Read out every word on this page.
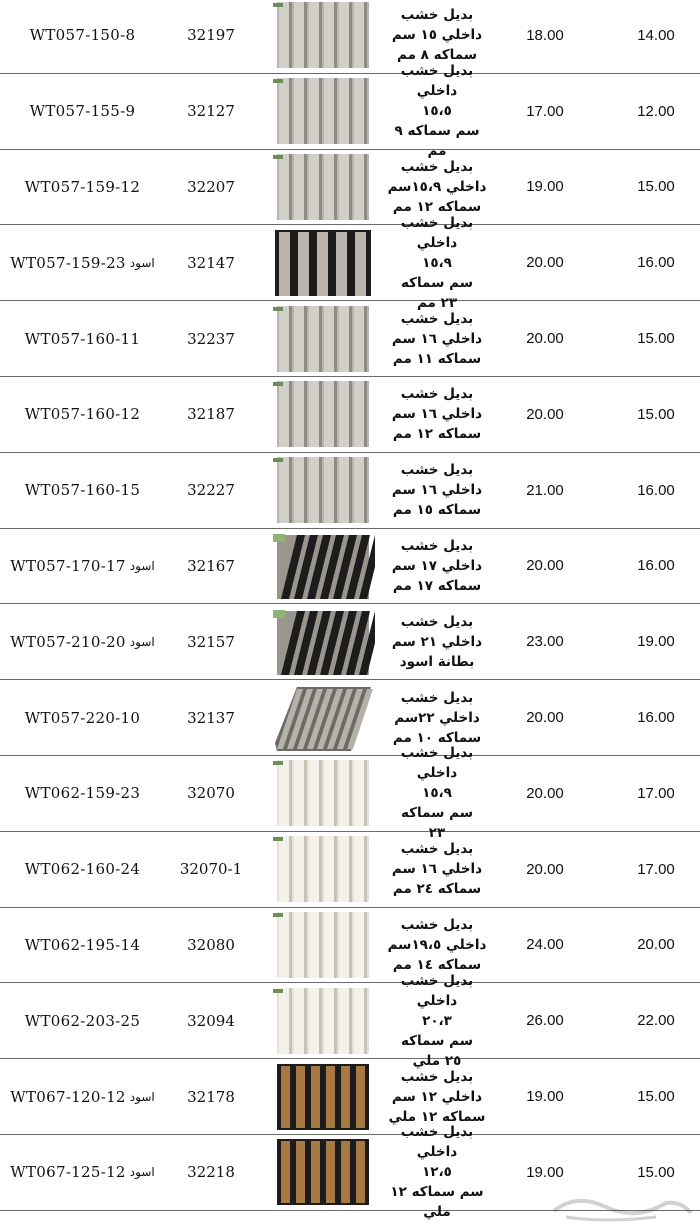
WT057-150-8	32197
بديل خشب
داخلي ١٥ سم
سماكه ٨ مم
18.00	14.00
WT057-155-9	32127
بديل خشب
داخلي
١٥،٥
سم سماكه ٩
مم
17.00	12.00
WT057-159-12	32207
بديل خشب
داخلي ١٥،٩سم
سماكه ١٢ مم
19.00	15.00
WT057-159-23 اسود	32147
بديل خشب
داخلي
١٥،٩
سم سماكه
٢٣ مم
20.00	16.00
WT057-160-11	32237
بديل خشب
داخلي ١٦ سم
سماكه ١١ مم
20.00	15.00
WT057-160-12	32187
بديل خشب
داخلي ١٦ سم
سماكه ١٢ مم
20.00	15.00
WT057-160-15	32227
بديل خشب
داخلي ١٦ سم
سماكه ١٥ مم
21.00	16.00
WT057-170-17 اسود	32167
بديل خشب
داخلي ١٧ سم
سماكه ١٧ مم
20.00	16.00
WT057-210-20 اسود	32157
بديل خشب
داخلي ٢١ سم
بطانة اسود
23.00	19.00
WT057-220-10	32137
بديل خشب
داخلي ٢٢سم
سماكه ١٠ مم
20.00	16.00
WT062-159-23	32070
بديل خشب
داخلي
١٥،٩
سم سماكه
٢٣
20.00	17.00
WT062-160-24	32070-1
بديل خشب
داخلي ١٦ سم
سماكه ٢٤ مم
20.00	17.00
WT062-195-14	32080
بديل خشب
داخلي ١٩،٥سم
سماكه ١٤ مم
24.00	20.00
WT062-203-25	32094
بديل خشب
داخلي
٢٠،٣
سم سماكه
٢٥ ملي
26.00	22.00
WT067-120-12 اسود	32178
بديل خشب
داخلي ١٢ سم
سماكه ١٢ ملي
19.00	15.00
WT067-125-12 اسود	32218
بديل خشب
داخلي
١٢،٥
سم سماكه ١٢
ملي
19.00	15.00
